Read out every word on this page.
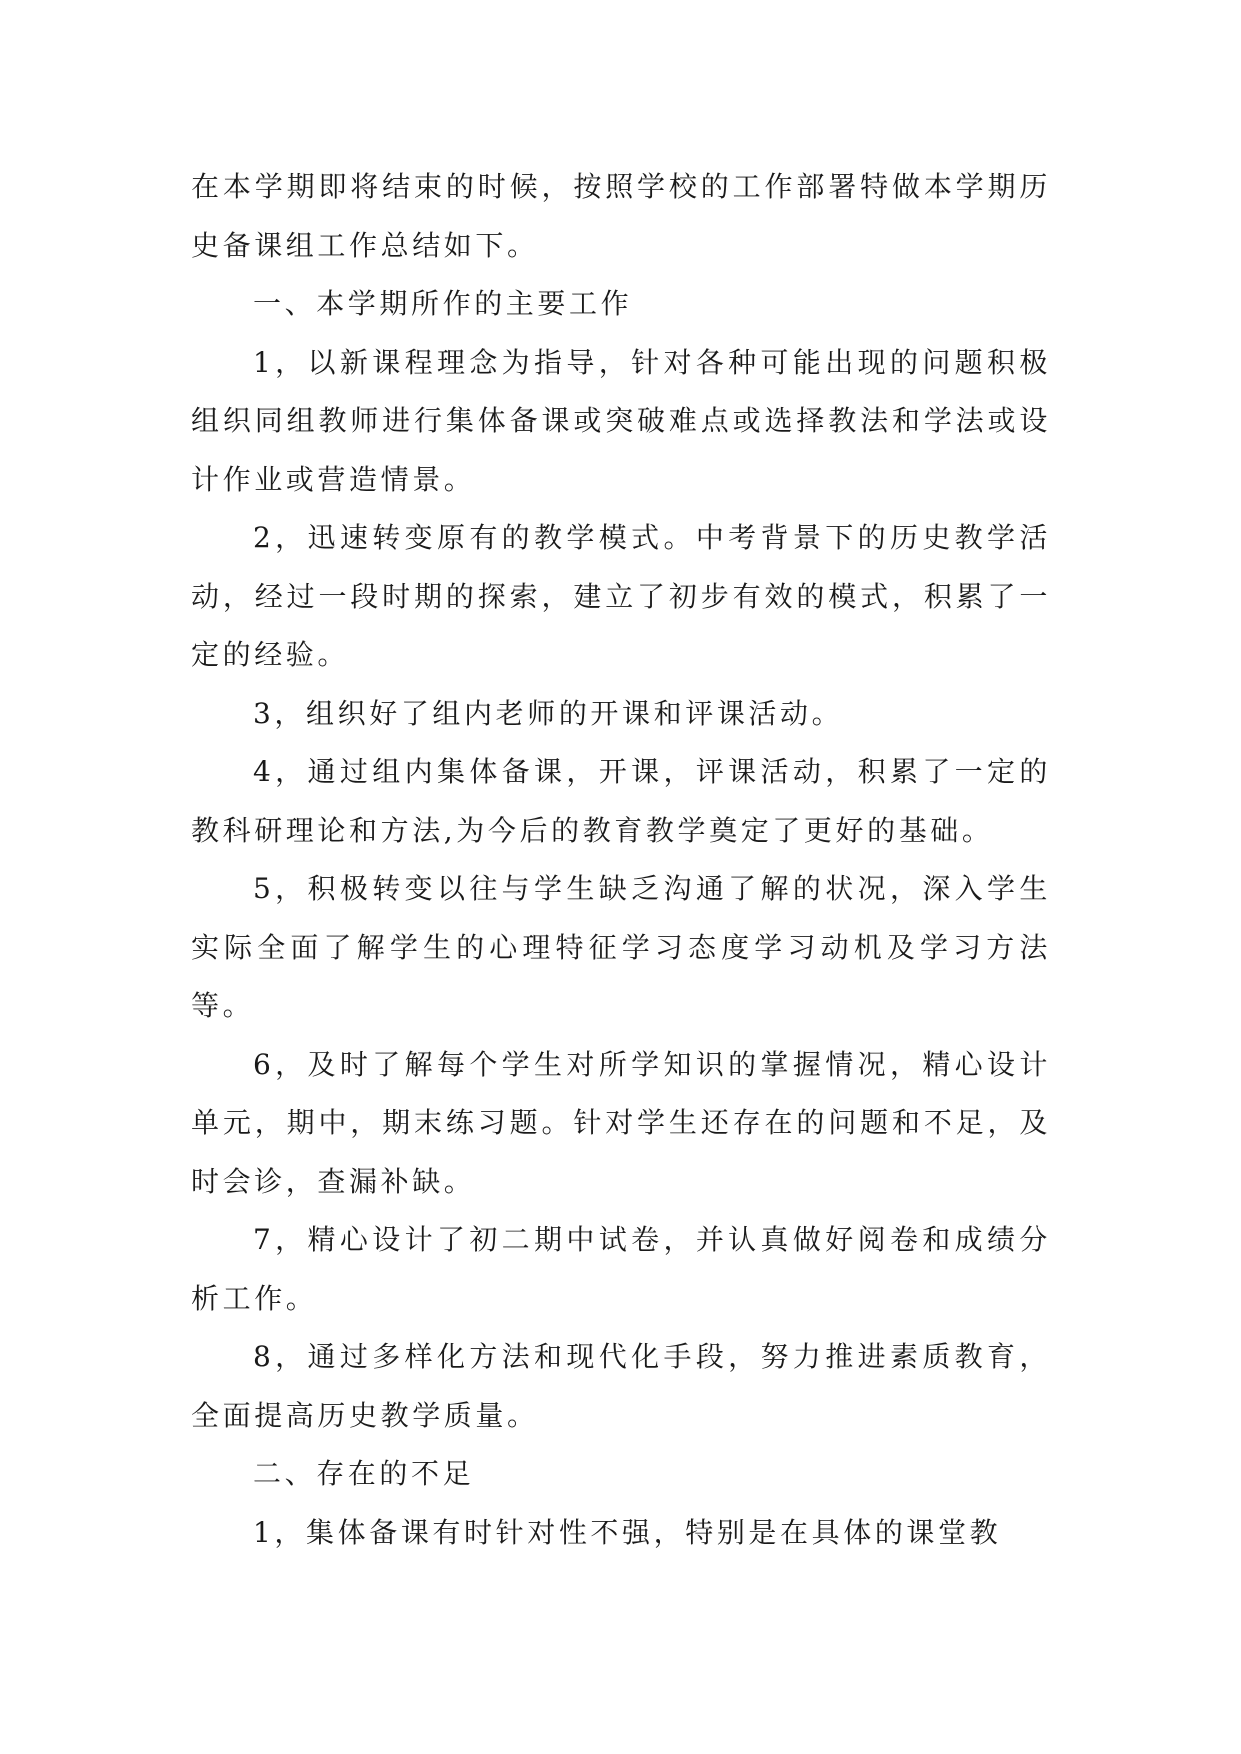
在本学期即将结束的时候，按照学校的工作部署特做本学期历史备课组工作总结如下。

一、本学期所作的主要工作

1，以新课程理念为指导，针对各种可能出现的问题积极组织同组教师进行集体备课或突破难点或选择教法和学法或设计作业或营造情景。

2，迅速转变原有的教学模式。中考背景下的历史教学活动，经过一段时期的探索，建立了初步有效的模式，积累了一定的经验。

3，组织好了组内老师的开课和评课活动。

4，通过组内集体备课，开课，评课活动，积累了一定的教科研理论和方法,为今后的教育教学奠定了更好的基础。

5，积极转变以往与学生缺乏沟通了解的状况，深入学生实际全面了解学生的心理特征学习态度学习动机及学习方法等。

6，及时了解每个学生对所学知识的掌握情况，精心设计单元，期中，期末练习题。针对学生还存在的问题和不足，及时会诊，查漏补缺。

7，精心设计了初二期中试卷，并认真做好阅卷和成绩分析工作。

8，通过多样化方法和现代化手段，努力推进素质教育，全面提高历史教学质量。

二、存在的不足

1，集体备课有时针对性不强，特别是在具体的课堂教
